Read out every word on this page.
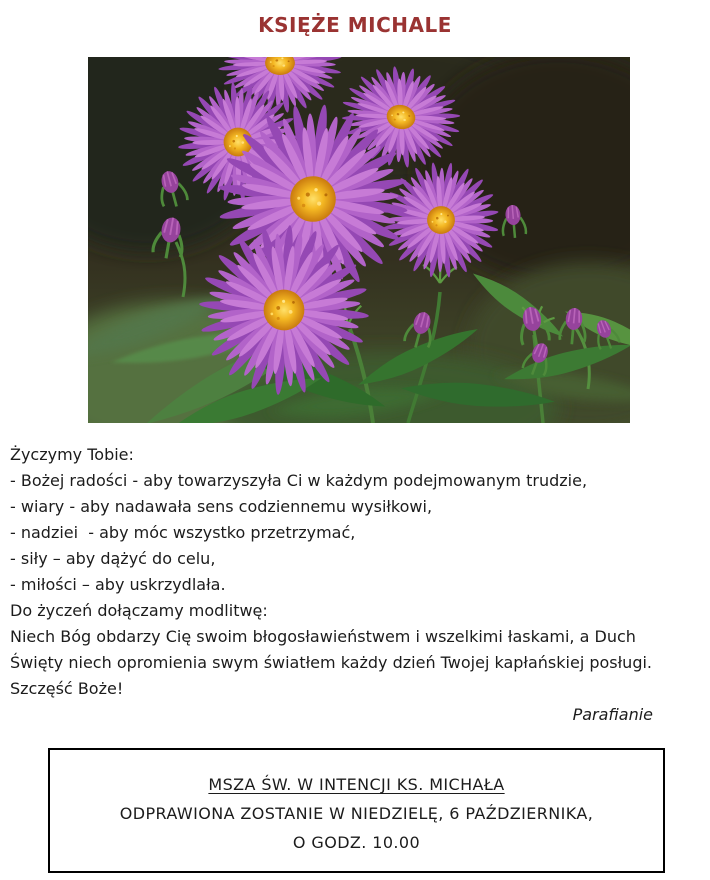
KSIĘŻE MICHALE
Życzymy Tobie:
- Bożej radości - aby towarzyszyła Ci w każdym podejmowanym trudzie,
- wiary - aby nadawała sens codziennemu wysiłkowi,
- nadziei  - aby móc wszystko przetrzymać,
- siły – aby dążyć do celu,
- miłości – aby uskrzydlała.
Do życzeń dołączamy modlitwę:
Niech Bóg obdarzy Cię swoim błogosławieństwem i wszelkimi łaskami, a Duch
Święty niech opromienia swym światłem każdy dzień Twojej kapłańskiej posługi.
Szczęść Boże!
Parafianie
MSZA ŚW. W INTENCJI KS. MICHAŁA
ODPRAWIONA ZOSTANIE W NIEDZIELĘ, 6 PAŹDZIERNIKA,
O GODZ. 10.00
